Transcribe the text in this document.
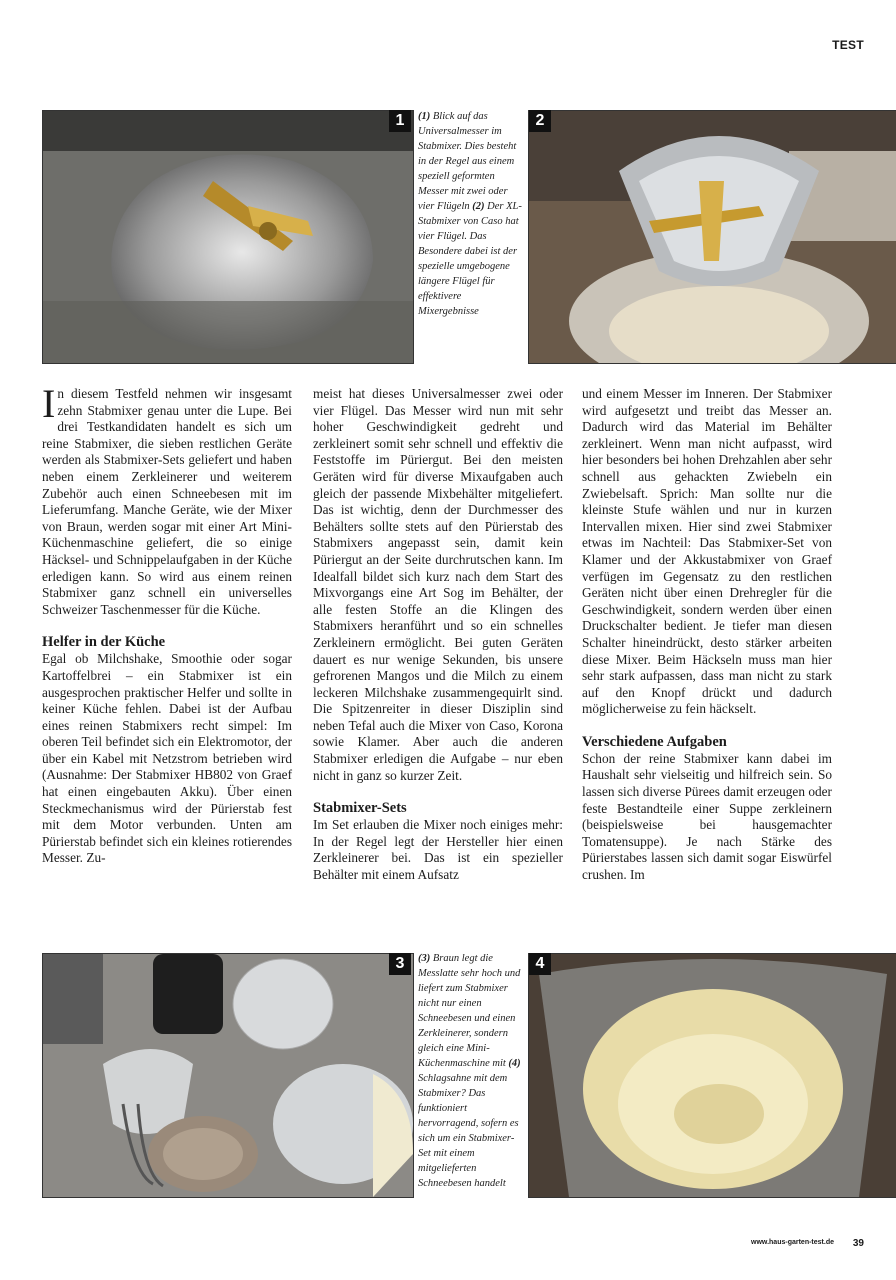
TEST
1	(1) Blick auf das Universalmesser im Stabmixer. Dies besteht in der Regel aus einem speziell geformten Messer mit zwei oder vier Flügeln (2) Der XL-Stabmixer von Caso hat vier Flügel. Das Besondere dabei ist der spezielle umgebogene längere Flügel für effektivere Mixergebnisse
2

In diesem Testfeld nehmen wir insgesamt zehn Stabmixer genau unter die Lupe. Bei drei Testkandidaten handelt es sich um reine Stabmixer, die sieben restlichen Geräte werden als Stabmixer-Sets geliefert und haben neben einem Zerkleinerer und weiterem Zubehör auch einen Schneebesen mit im Lieferumfang. Manche Geräte, wie der Mixer von Braun, werden sogar mit einer Art Mini-Küchenmaschine geliefert, die so einige Häcksel- und Schnippelaufgaben in der Küche erledigen kann. So wird aus einem reinen Stabmixer ganz schnell ein universelles Schweizer Taschenmesser für die Küche.

Helfer in der Küche

Egal ob Milchshake, Smoothie oder sogar Kartoffelbrei – ein Stabmixer ist ein ausgesprochen praktischer Helfer und sollte in keiner Küche fehlen. Dabei ist der Aufbau eines reinen Stabmixers recht simpel: Im oberen Teil befindet sich ein Elektromotor, der über ein Kabel mit Netzstrom betrieben wird (Ausnahme: Der Stabmixer HB802 von Graef hat einen eingebauten Akku). Über einen Steckmechanismus wird der Pürierstab fest mit dem Motor verbunden. Unten am Pürierstab befindet sich ein kleines rotierendes Messer. Zu-

meist hat dieses Universalmesser zwei oder vier Flügel. Das Messer wird nun mit sehr hoher Geschwindigkeit gedreht und zerkleinert somit sehr schnell und effektiv die Feststoffe im Püriergut. Bei den meisten Geräten wird für diverse Mixaufgaben auch gleich der passende Mixbehälter mitgeliefert. Das ist wichtig, denn der Durchmesser des Behälters sollte stets auf den Pürierstab des Stabmixers angepasst sein, damit kein Püriergut an der Seite durchrutschen kann. Im Idealfall bildet sich kurz nach dem Start des Mixvorgangs eine Art Sog im Behälter, der alle festen Stoffe an die Klingen des Stabmixers heranführt und so ein schnelles Zerkleinern ermöglicht. Bei guten Geräten dauert es nur wenige Sekunden, bis unsere gefrorenen Mangos und die Milch zu einem leckeren Milchshake zusammengequirlt sind. Die Spitzenreiter in dieser Disziplin sind neben Tefal auch die Mixer von Caso, Korona sowie Klamer. Aber auch die anderen Stabmixer erledigen die Aufgabe – nur eben nicht in ganz so kurzer Zeit.

Stabmixer-Sets

Im Set erlauben die Mixer noch einiges mehr: In der Regel legt der Hersteller hier einen Zerkleinerer bei. Das ist ein spezieller Behälter mit einem Aufsatz

und einem Messer im Inneren. Der Stabmixer wird aufgesetzt und treibt das Messer an. Dadurch wird das Material im Behälter zerkleinert. Wenn man nicht aufpasst, wird hier besonders bei hohen Drehzahlen aber sehr schnell aus gehackten Zwiebeln ein Zwiebelsaft. Sprich: Man sollte nur die kleinste Stufe wählen und nur in kurzen Intervallen mixen. Hier sind zwei Stabmixer etwas im Nachteil: Das Stabmixer-Set von Klamer und der Akkustabmixer von Graef verfügen im Gegensatz zu den restlichen Geräten nicht über einen Drehregler für die Geschwindigkeit, sondern werden über einen Druckschalter bedient. Je tiefer man diesen Schalter hineindrückt, desto stärker arbeiten diese Mixer. Beim Häckseln muss man hier sehr stark aufpassen, dass man nicht zu stark auf den Knopf drückt und dadurch möglicherweise zu fein häckselt.

Verschiedene Aufgaben

Schon der reine Stabmixer kann dabei im Haushalt sehr vielseitig und hilfreich sein. So lassen sich diverse Pürees damit erzeugen oder feste Bestandteile einer Suppe zerkleinern (beispielsweise bei hausgemachter Tomatensuppe). Je nach Stärke des Pürierstabes lassen sich damit sogar Eiswürfel crushen. Im

3	(3) Braun legt die Messlatte sehr hoch und liefert zum Stabmixer nicht nur einen Schneebesen und einen Zerkleinerer, sondern gleich eine Mini-Küchenmaschine mit (4) Schlagsahne mit dem Stabmixer? Das funktioniert hervorragend, sofern es sich um ein Stabmixer-Set mit einem mitgelieferten Schneebesen handelt
4
www.haus-garten-test.de 39
